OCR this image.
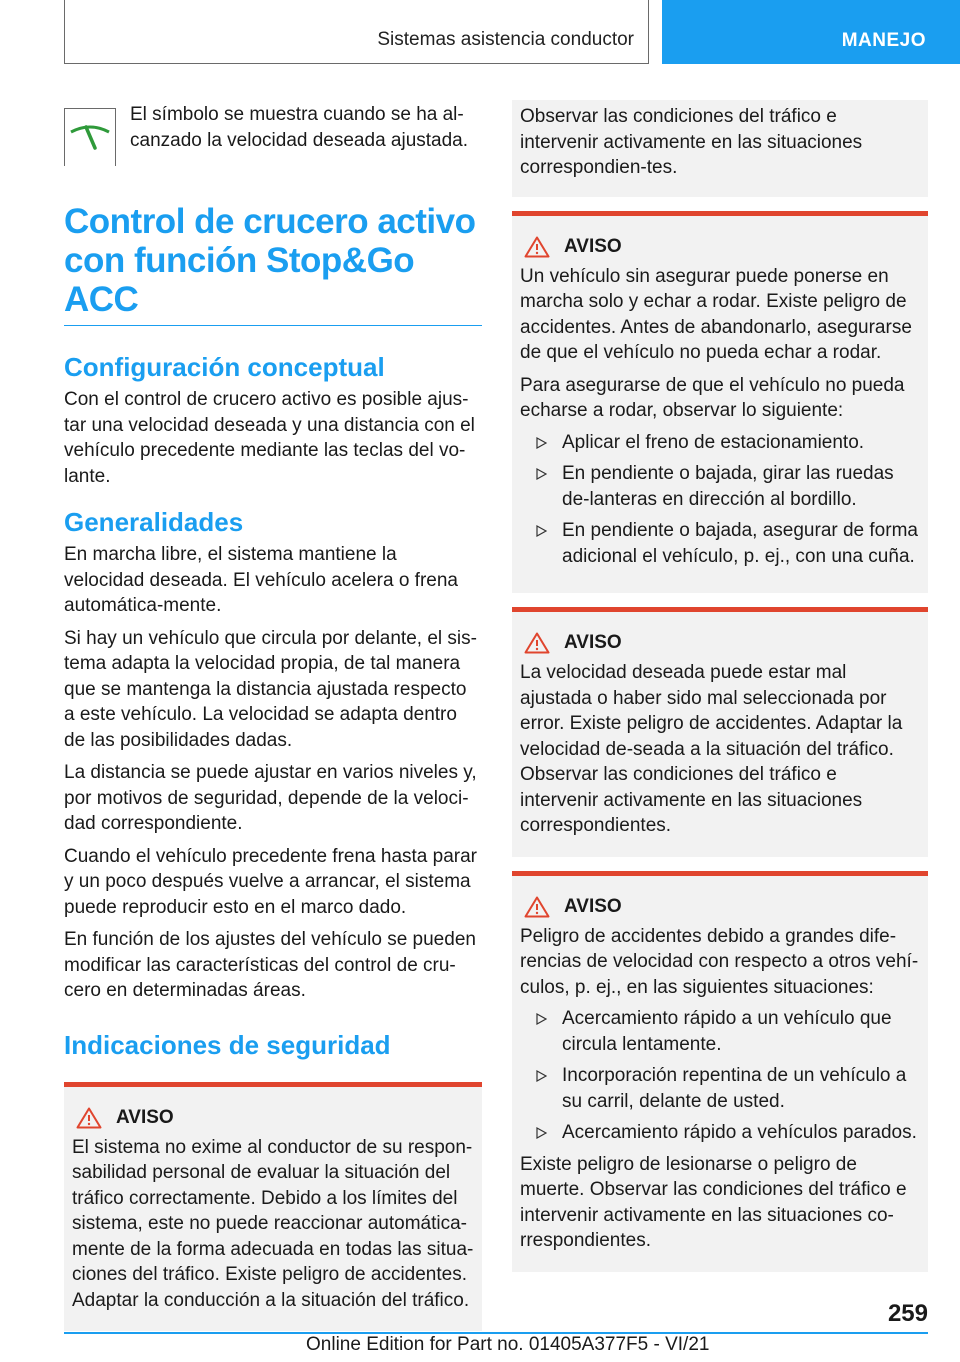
Sistemas asistencia conductor	MANEJO

El símbolo se muestra cuando se ha al-canzado la velocidad deseada ajustada.

Control de crucero activo con función Stop&Go ACC
Configuración conceptual

Con el control de crucero activo es posible ajus-tar una velocidad deseada y una distancia con el vehículo precedente mediante las teclas del vo-lante.

Generalidades

En marcha libre, el sistema mantiene la velocidad deseada. El vehículo acelera o frena automática-mente.

Si hay un vehículo que circula por delante, el sis-tema adapta la velocidad propia, de tal manera que se mantenga la distancia ajustada respecto a este vehículo. La velocidad se adapta dentro de las posibilidades dadas.

La distancia se puede ajustar en varios niveles y, por motivos de seguridad, depende de la veloci-dad correspondiente.

Cuando el vehículo precedente frena hasta parar y un poco después vuelve a arrancar, el sistema puede reproducir esto en el marco dado.

En función de los ajustes del vehículo se pueden modificar las características del control de cru-cero en determinadas áreas.

Indicaciones de seguridad
AVISO

El sistema no exime al conductor de su respon-sabilidad personal de evaluar la situación del tráfico correctamente. Debido a los límites del sistema, este no puede reaccionar automática-mente de la forma adecuada en todas las situa-ciones del tráfico. Existe peligro de accidentes. Adaptar la conducción a la situación del tráfico.

Observar las condiciones del tráfico e intervenir activamente en las situaciones correspondien-tes.

AVISO

Un vehículo sin asegurar puede ponerse en marcha solo y echar a rodar. Existe peligro de accidentes. Antes de abandonarlo, asegurarse de que el vehículo no pueda echar a rodar.

Para asegurarse de que el vehículo no pueda echarse a rodar, observar lo siguiente:

Aplicar el freno de estacionamiento.
En pendiente o bajada, girar las ruedas de-lanteras en dirección al bordillo.
En pendiente o bajada, asegurar de forma adicional el vehículo, p. ej., con una cuña.
AVISO

La velocidad deseada puede estar mal ajustada o haber sido mal seleccionada por error. Existe peligro de accidentes. Adaptar la velocidad de-seada a la situación del tráfico. Observar las condiciones del tráfico e intervenir activamente en las situaciones correspondientes.

AVISO

Peligro de accidentes debido a grandes dife-rencias de velocidad con respecto a otros vehí-culos, p. ej., en las siguientes situaciones:

Acercamiento rápido a un vehículo que circula lentamente.
Incorporación repentina de un vehículo a su carril, delante de usted.
Acercamiento rápido a vehículos parados.

Existe peligro de lesionarse o peligro de muerte. Observar las condiciones del tráfico e intervenir activamente en las situaciones co-rrespondientes.

259
Online Edition for Part no. 01405A377F5 - VI/21
